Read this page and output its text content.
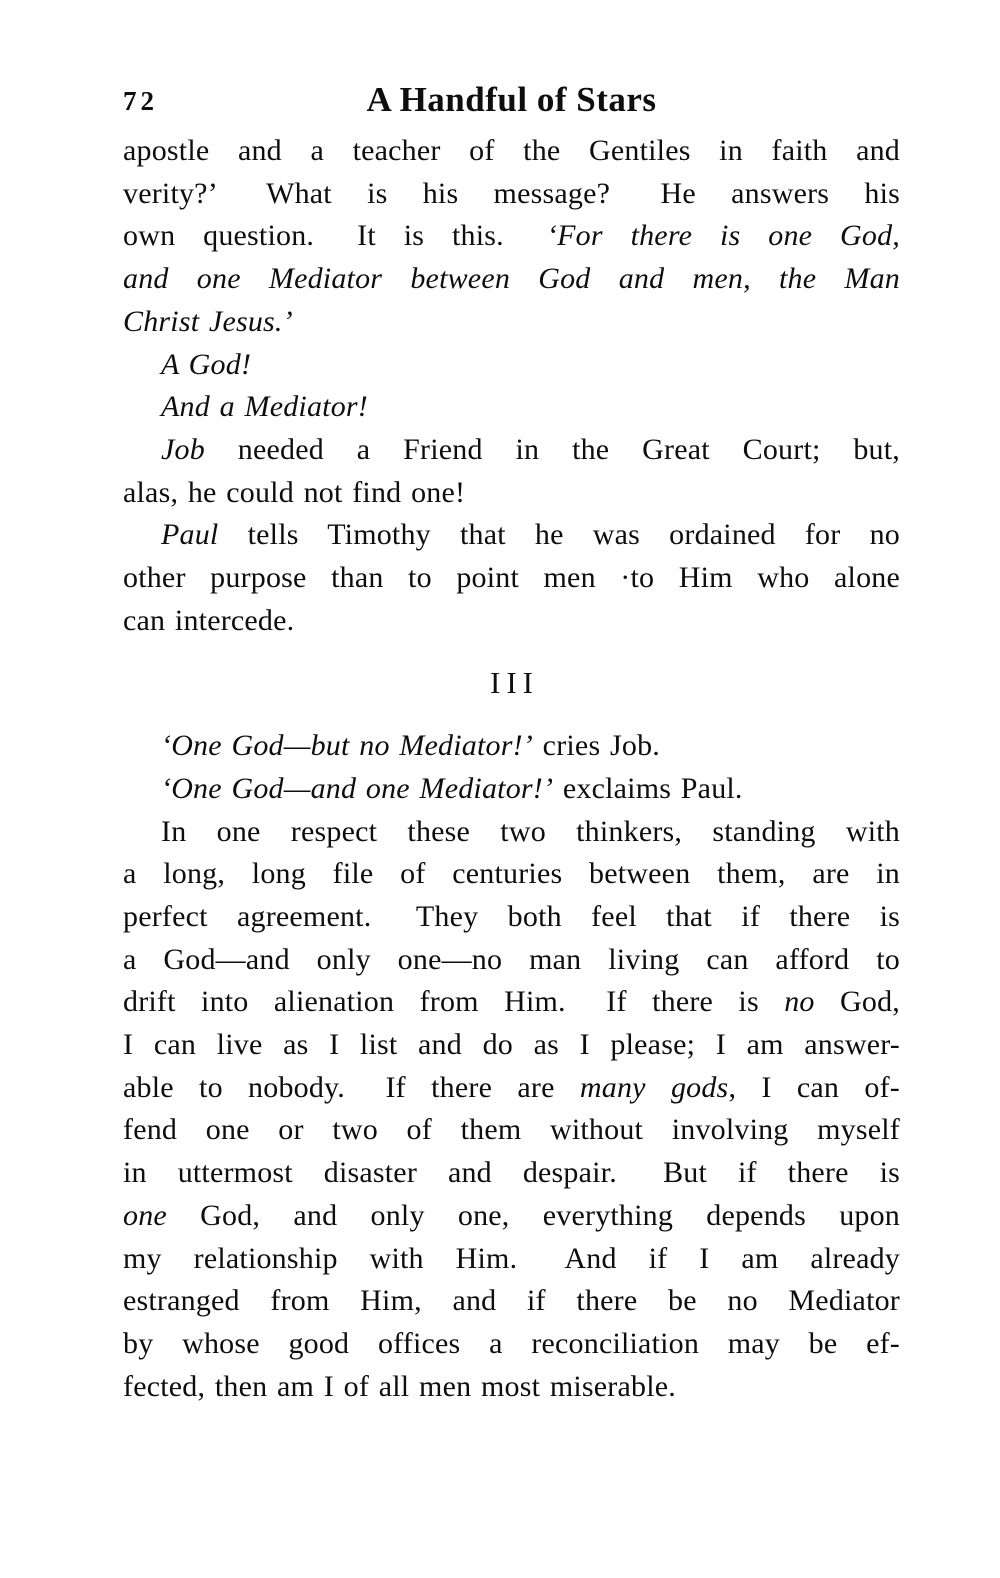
72	A Handful of Stars
apostle and a teacher of the Gentiles in faith and
verity?’  What is his message?  He answers his
own question.  It is this.  ‘For there is one God,
and one Mediator between God and men, the Man
Christ Jesus.’
A God!
And a Mediator!
Job needed a Friend in the Great Court; but,
alas, he could not find one!
Paul tells Timothy that he was ordained for no
other purpose than to point men ·to Him who alone
can intercede.
III
‘One God—but no Mediator!’ cries Job.
‘One God—and one Mediator!’ exclaims Paul.
In one respect these two thinkers, standing with
a long, long file of centuries between them, are in
perfect agreement.  They both feel that if there is
a God—and only one—no man living can afford to
drift into alienation from Him.  If there is no God,
I can live as I list and do as I please; I am answer-
able to nobody.  If there are many gods, I can of-
fend one or two of them without involving myself
in uttermost disaster and despair.  But if there is
one God, and only one, everything depends upon
my relationship with Him.  And if I am already
estranged from Him, and if there be no Mediator
by whose good offices a reconciliation may be ef-
fected, then am I of all men most miserable.
